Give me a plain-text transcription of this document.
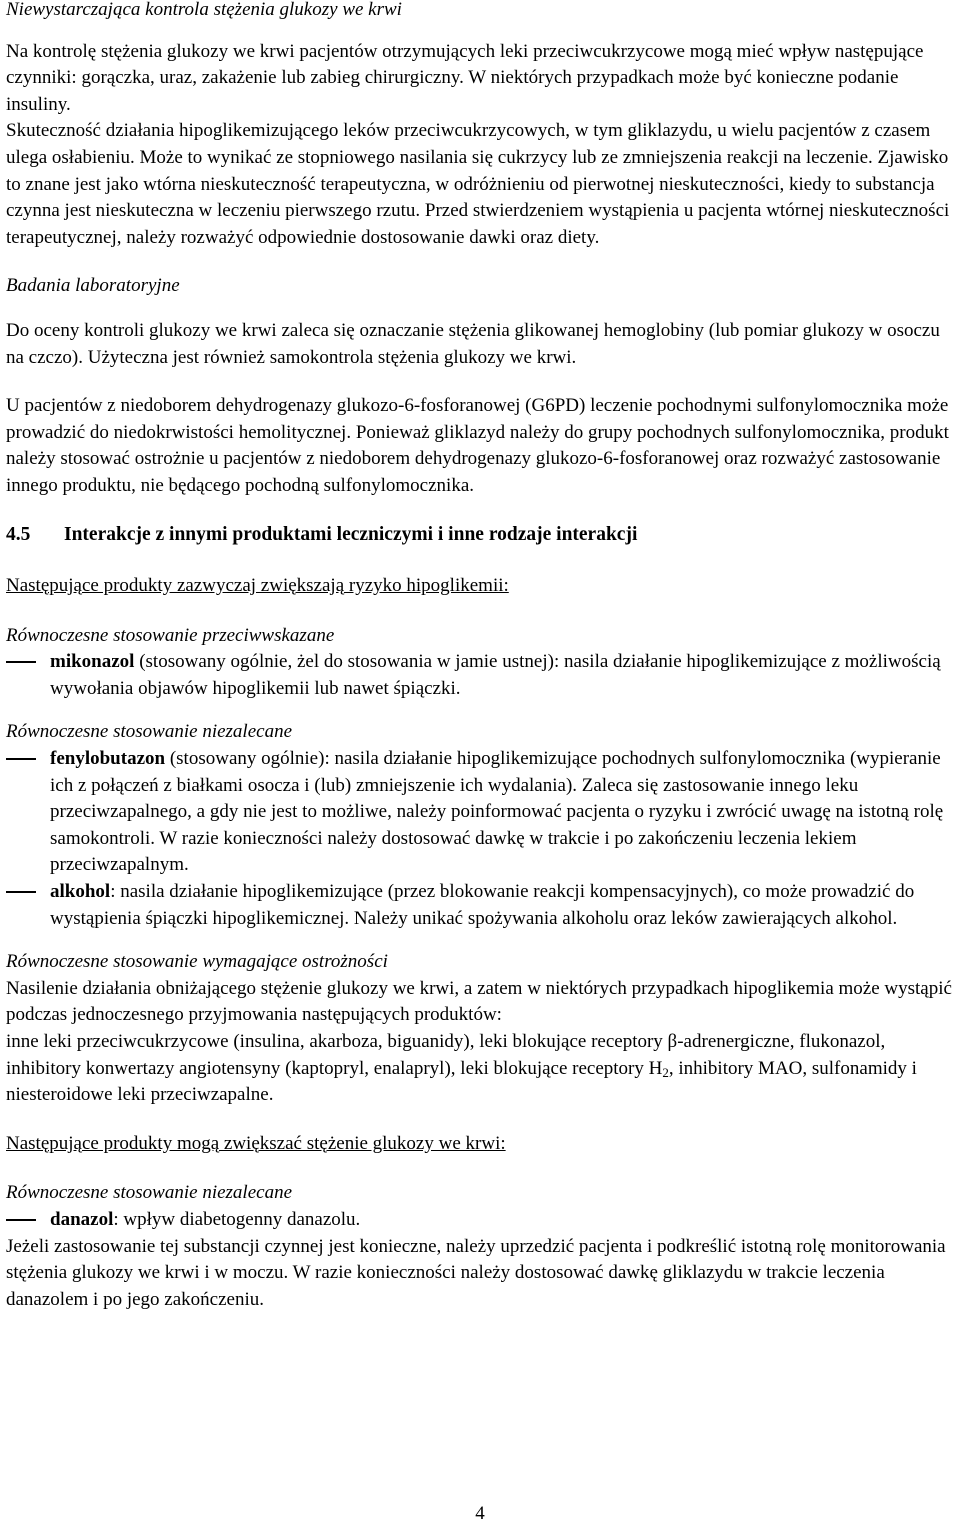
Niewystarczająca kontrola stężenia glukozy we krwi

Na kontrolę stężenia glukozy we krwi pacjentów otrzymujących leki przeciwcukrzycowe mogą mieć wpływ następujące czynniki: gorączka, uraz, zakażenie lub zabieg chirurgiczny. W niektórych przypadkach może być konieczne podanie insuliny.

Skuteczność działania hipoglikemizującego leków przeciwcukrzycowych, w tym gliklazydu, u wielu pacjentów z czasem ulega osłabieniu. Może to wynikać ze stopniowego nasilania się cukrzycy lub ze zmniejszenia reakcji na leczenie. Zjawisko to znane jest jako wtórna nieskuteczność terapeutyczna, w odróżnieniu od pierwotnej nieskuteczności, kiedy to substancja czynna jest nieskuteczna w leczeniu pierwszego rzutu. Przed stwierdzeniem wystąpienia u pacjenta wtórnej nieskuteczności terapeutycznej, należy rozważyć odpowiednie dostosowanie dawki oraz diety.

Badania laboratoryjne

Do oceny kontroli glukozy we krwi zaleca się oznaczanie stężenia glikowanej hemoglobiny (lub pomiar glukozy w osoczu na czczo). Użyteczna jest również samokontrola stężenia glukozy we krwi.

U pacjentów z niedoborem dehydrogenazy glukozo-6-fosforanowej (G6PD) leczenie pochodnymi sulfonylomocznika może prowadzić do niedokrwistości hemolitycznej. Ponieważ gliklazyd należy do grupy pochodnych sulfonylomocznika, produkt należy stosować ostrożnie u pacjentów z niedoborem dehydrogenazy glukozo-6-fosforanowej oraz rozważyć zastosowanie innego produktu, nie będącego pochodną sulfonylomocznika.

4.5 Interakcje z innymi produktami leczniczymi i inne rodzaje interakcji

Następujące produkty zazwyczaj zwiększają ryzyko hipoglikemii:

Równoczesne stosowanie przeciwwskazane

mikonazol (stosowany ogólnie, żel do stosowania w jamie ustnej): nasila działanie hipoglikemizujące z możliwością wywołania objawów hipoglikemii lub nawet śpiączki.

Równoczesne stosowanie niezalecane

fenylobutazon (stosowany ogólnie): nasila działanie hipoglikemizujące pochodnych sulfonylomocznika (wypieranie ich z połączeń z białkami osocza i (lub) zmniejszenie ich wydalania). Zaleca się zastosowanie innego leku przeciwzapalnego, a gdy nie jest to możliwe, należy poinformować pacjenta o ryzyku i zwrócić uwagę na istotną rolę samokontroli. W razie konieczności należy dostosować dawkę w trakcie i po zakończeniu leczenia lekiem przeciwzapalnym.
alkohol: nasila działanie hipoglikemizujące (przez blokowanie reakcji kompensacyjnych), co może prowadzić do wystąpienia śpiączki hipoglikemicznej. Należy unikać spożywania alkoholu oraz leków zawierających alkohol.

Równoczesne stosowanie wymagające ostrożności

Nasilenie działania obniżającego stężenie glukozy we krwi, a zatem w niektórych przypadkach hipoglikemia może wystąpić podczas jednoczesnego przyjmowania następujących produktów:

inne leki przeciwcukrzycowe (insulina, akarboza, biguanidy), leki blokujące receptory β-adrenergiczne, flukonazol, inhibitory konwertazy angiotensyny (kaptopryl, enalapryl), leki blokujące receptory $H_2$, inhibitory MAO, sulfonamidy i niesteroidowe leki przeciwzapalne.

Następujące produkty mogą zwiększać stężenie glukozy we krwi:

Równoczesne stosowanie niezalecane

danazol: wpływ diabetogenny danazolu.

Jeżeli zastosowanie tej substancji czynnej jest konieczne, należy uprzedzić pacjenta i podkreślić istotną rolę monitorowania stężenia glukozy we krwi i w moczu. W razie konieczności należy dostosować dawkę gliklazydu w trakcie leczenia danazolem i po jego zakończeniu.

4
